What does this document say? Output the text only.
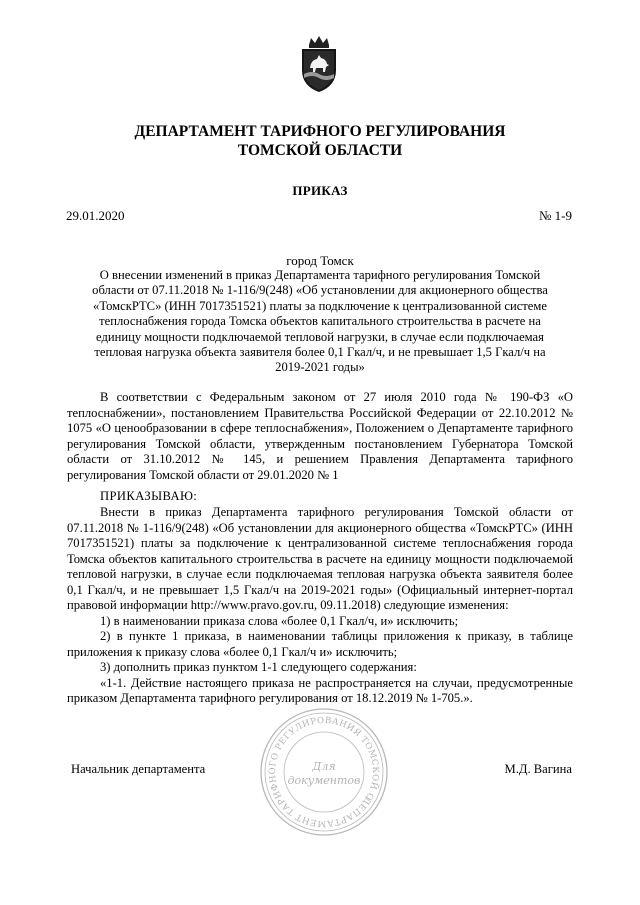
ДЕПАРТАМЕНТ ТАРИФНОГО РЕГУЛИРОВАНИЯ
ТОМСКОЙ ОБЛАСТИ
ПРИКАЗ
29.01.2020	№ 1-9
город Томск
О внесении изменений в приказ Департамента тарифного регулирования Томской области от 07.11.2018 № 1-116/9(248) «Об установлении для акционерного общества «ТомскРТС» (ИНН 7017351521) платы за подключение к централизованной системе теплоснабжения города Томска объектов капитального строительства в расчете на единицу мощности подключаемой тепловой нагрузки, в случае если подключаемая тепловая нагрузка объекта заявителя более 0,1 Гкал/ч, и не превышает 1,5 Гкал/ч на 2019-2021 годы»
В соответствии с Федеральным законом от 27 июля 2010 года № 190-ФЗ «О теплоснабжении», постановлением Правительства Российской Федерации от 22.10.2012 № 1075 «О ценообразовании в сфере теплоснабжения», Положением о Департаменте тарифного регулирования Томской области, утвержденным постановлением Губернатора Томской области от 31.10.2012 № 145, и решением Правления Департамента тарифного регулирования Томской области от 29.01.2020 № 1
ПРИКАЗЫВАЮ:

Внести в приказ Департамента тарифного регулирования Томской области от 07.11.2018 № 1-116/9(248) «Об установлении для акционерного общества «ТомскРТС» (ИНН 7017351521) платы за подключение к централизованной системе теплоснабжения города Томска объектов капитального строительства в расчете на единицу мощности подключаемой тепловой нагрузки, в случае если подключаемая тепловая нагрузка объекта заявителя более 0,1 Гкал/ч, и не превышает 1,5 Гкал/ч на 2019-2021 годы» (Официальный интернет-портал правовой информации http://www.pravo.gov.ru, 09.11.2018) следующие изменения:

1) в наименовании приказа слова «более 0,1 Гкал/ч, и» исключить;

2) в пункте 1 приказа, в наименовании таблицы приложения к приказу, в таблице приложения к приказу слова «более 0,1 Гкал/ч и» исключить;

3) дополнить приказ пунктом 1-1 следующего содержания:

«1-1. Действие настоящего приказа не распространяется на случаи, предусмотренные приказом Департамента тарифного регулирования от 18.12.2019 № 1-705.».

Начальник департамента	М.Д. Вагина
ДЕПАРТАМЕНТ ТАРИФНОГО РЕГУЛИРОВАНИЯ ТОМСКОЙ ОБЛАСТИ
Для
документов
